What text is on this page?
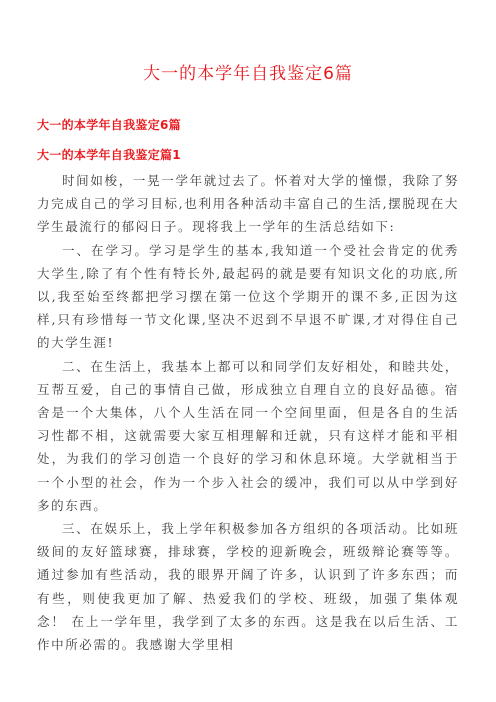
大一的本学年自我鉴定6篇
大一的本学年自我鉴定6篇
大一的本学年自我鉴定篇1

时间如梭，一晃一学年就过去了。怀着对大学的憧憬，我除了努力完成自己的学习目标,也利用各种活动丰富自己的生活,摆脱现在大学生最流行的郁闷日子。现将我上一学年的生活总结如下:

一、在学习。学习是学生的基本,我知道一个受社会肯定的优秀大学生,除了有个性有特长外,最起码的就是要有知识文化的功底,所以,我至始至终都把学习摆在第一位这个学期开的课不多,正因为这样,只有珍惜每一节文化课,坚决不迟到不早退不旷课,才对得住自己的大学生涯!

二、在生活上，我基本上都可以和同学们友好相处，和睦共处，互帮互爱，自己的事情自己做，形成独立自理自立的良好品德。宿舍是一个大集体，八个人生活在同一个空间里面，但是各自的生活习性都不相，这就需要大家互相理解和迁就，只有这样才能和平相处，为我们的学习创造一个良好的学习和休息环境。大学就相当于一个小型的社会，作为一个步入社会的缓冲，我们可以从中学到好多的东西。

三、在娱乐上，我上学年积极参加各方组织的各项活动。比如班级间的友好篮球赛，排球赛，学校的迎新晚会，班级辩论赛等等。通过参加有些活动，我的眼界开阔了许多，认识到了许多东西；而有些，则使我更加了解、热爱我们的学校、班级，加强了集体观念！ 在上一学年里，我学到了太多的东西。这是我在以后生活、工作中所必需的。我感谢大学里相
